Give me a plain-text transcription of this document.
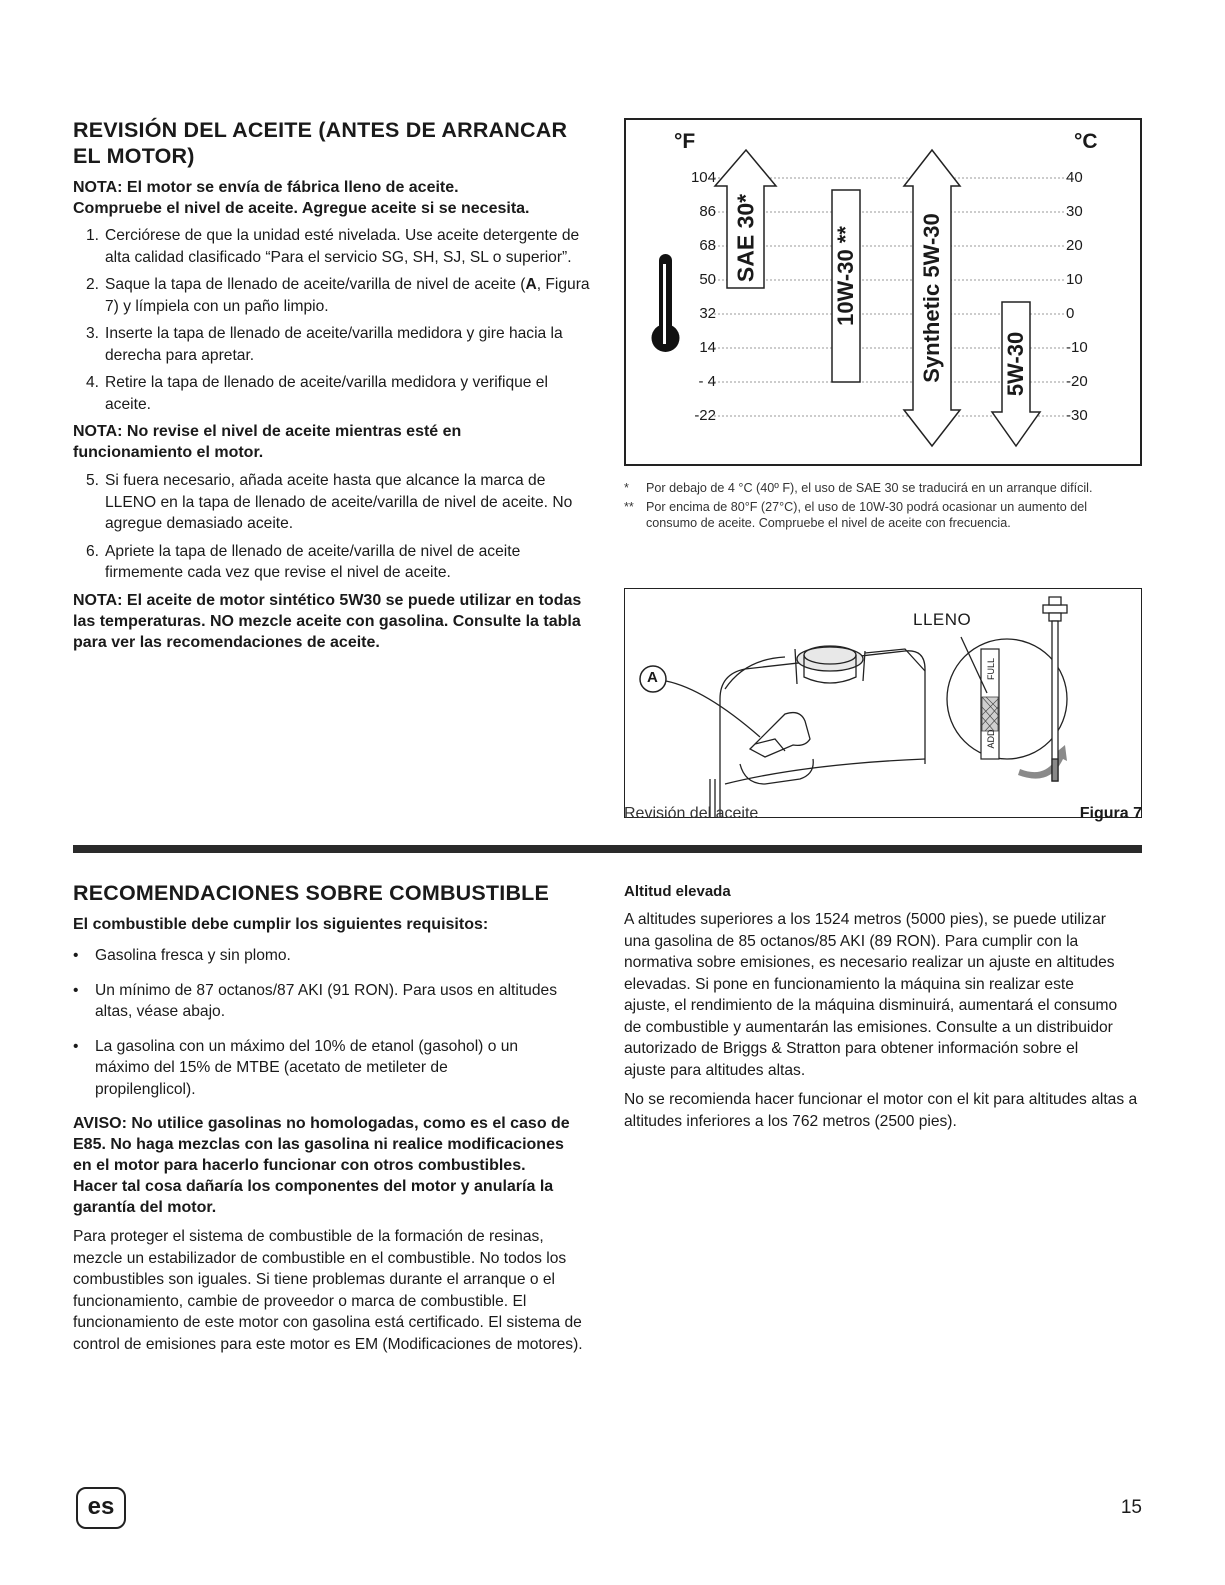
REVISIÓN DEL ACEITE (ANTES DE ARRANCAR
EL MOTOR)
NOTA: El motor se envía de fábrica lleno de aceite. Compruebe el nivel de aceite. Agregue aceite si se necesita.
1. Cerciórese de que la unidad esté nivelada. Use aceite detergente de alta calidad clasificado “Para el servicio SG, SH, SJ, SL o superior”.
2. Saque la tapa de llenado de aceite/varilla de nivel de aceite (A, Figura 7) y límpiela con un paño limpio.
3. Inserte la tapa de llenado de aceite/varilla medidora y gire hacia la derecha para apretar.
4. Retire la tapa de llenado de aceite/varilla medidora y verifique el aceite.
NOTA: No revise el nivel de aceite mientras esté en funcionamiento el motor.
5. Si fuera necesario, añada aceite hasta que alcance la marca de LLENO en la tapa de llenado de aceite/varilla de nivel de aceite. No agregue demasiado aceite.
6. Apriete la tapa de llenado de aceite/varilla de nivel de aceite firmemente cada vez que revise el nivel de aceite.
NOTA: El aceite de motor sintético 5W30 se puede utilizar en todas las temperaturas. NO mezcle aceite con gasolina. Consulte la tabla para ver las recomendaciones de aceite.
°F	°C
104
86
68
50
32
14
- 4
-22
40
30
20
10
0
-10
-20
-30
SAE 30*	10W-30 **	Synthetic 5W-30	5W-30
* Por debajo de 4 °C (40º F), el uso de SAE 30 se traducirá en un arranque difícil.
** Por encima de 80°F (27°C), el uso de 10W-30 podrá ocasionar un aumento del consumo de aceite. Compruebe el nivel de aceite con frecuencia.
LLENO
A	FULL
ADD
Revisión del aceite	Figura 7
RECOMENDACIONES SOBRE COMBUSTIBLE
El combustible debe cumplir los siguientes requisitos:
• Gasolina fresca y sin plomo.
• Un mínimo de 87 octanos/87 AKI (91 RON). Para usos en altitudes altas, véase abajo.
• La gasolina con un máximo del 10% de etanol (gasohol) o un máximo del 15% de MTBE (acetato de metileter de propilenglicol).
AVISO: No utilice gasolinas no homologadas, como es el caso de E85. No haga mezclas con las gasolina ni realice modificaciones en el motor para hacerlo funcionar con otros combustibles. Hacer tal cosa dañaría los componentes del motor y anularía la garantía del motor.
Para proteger el sistema de combustible de la formación de resinas, mezcle un estabilizador de combustible en el combustible. No todos los combustibles son iguales. Si tiene problemas durante el arranque o el funcionamiento, cambie de proveedor o marca de combustible. El funcionamiento de este motor con gasolina está certificado. El sistema de control de emisiones para este motor es EM (Modificaciones de motores).
Altitud elevada
A altitudes superiores a los 1524 metros (5000 pies), se puede utilizar una gasolina de 85 octanos/85 AKI (89 RON). Para cumplir con la normativa sobre emisiones, es necesario realizar un ajuste en altitudes elevadas. Si pone en funcionamiento la máquina sin realizar este ajuste, el rendimiento de la máquina disminuirá, aumentará el consumo de combustible y aumentarán las emisiones. Consulte a un distribuidor autorizado de Briggs & Stratton para obtener información sobre el ajuste para altitudes altas.
No se recomienda hacer funcionar el motor con el kit para altitudes altas a altitudes inferiores a los 762 metros (2500 pies).
es	15
